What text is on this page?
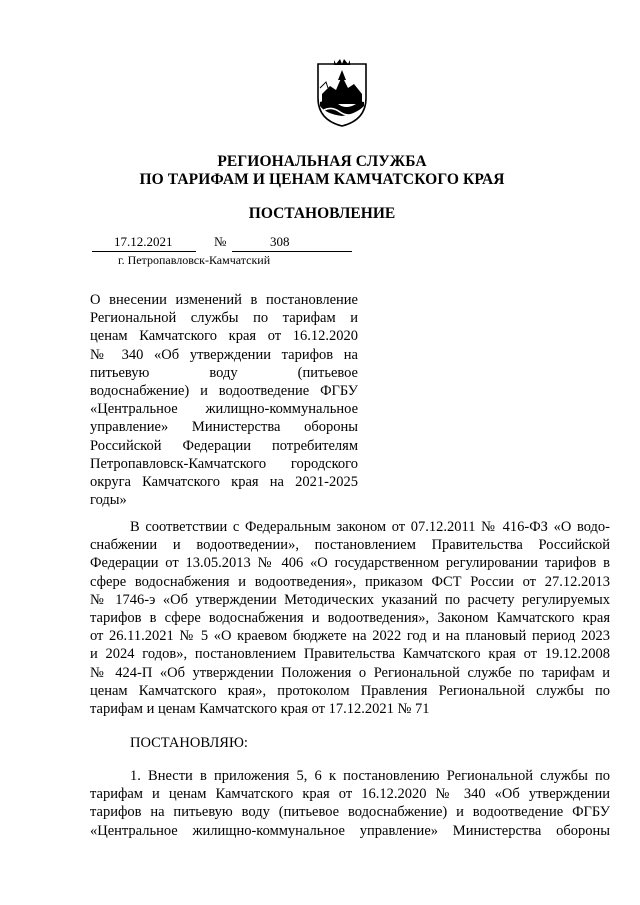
РЕГИОНАЛЬНАЯ СЛУЖБА
ПО ТАРИФАМ И ЦЕНАМ КАМЧАТСКОГО КРАЯ
ПОСТАНОВЛЕНИЕ
17.12.2021	№	308
г. Петропавловск-Камчатский
О внесении изменений в постановление
Региональной службы по тарифам и
ценам Камчатского края от 16.12.2020
№ 340 «Об утверждении тарифов на
питьевую воду (питьевое
водоснабжение) и водоотведение ФГБУ
«Центральное жилищно-коммунальное
управление» Министерства обороны
Российской Федерации потребителям
Петропавловск-Камчатского городского
округа Камчатского края на 2021-2025
годы»
В соответствии с Федеральным законом от 07.12.2011 № 416-ФЗ «О водо-
снабжении и водоотведении», постановлением Правительства Российской
Федерации от 13.05.2013 № 406 «О государственном регулировании тарифов в
сфере водоснабжения и водоотведения», приказом ФСТ России от 27.12.2013
№ 1746-э «Об утверждении Методических указаний по расчету регулируемых
тарифов в сфере водоснабжения и водоотведения», Законом Камчатского края
от 26.11.2021 № 5 «О краевом бюджете на 2022 год и на плановый период 2023
и 2024 годов», постановлением Правительства Камчатского края от 19.12.2008
№ 424-П «Об утверждении Положения о Региональной службе по тарифам и
ценам Камчатского края», протоколом Правления Региональной службы по
тарифам и ценам Камчатского края от 17.12.2021 № 71
ПОСТАНОВЛЯЮ:
1. Внести в приложения 5, 6 к постановлению Региональной службы по
тарифам и ценам Камчатского края от 16.12.2020 № 340 «Об утверждении
тарифов на питьевую воду (питьевое водоснабжение) и водоотведение ФГБУ
«Центральное жилищно-коммунальное управление» Министерства обороны
